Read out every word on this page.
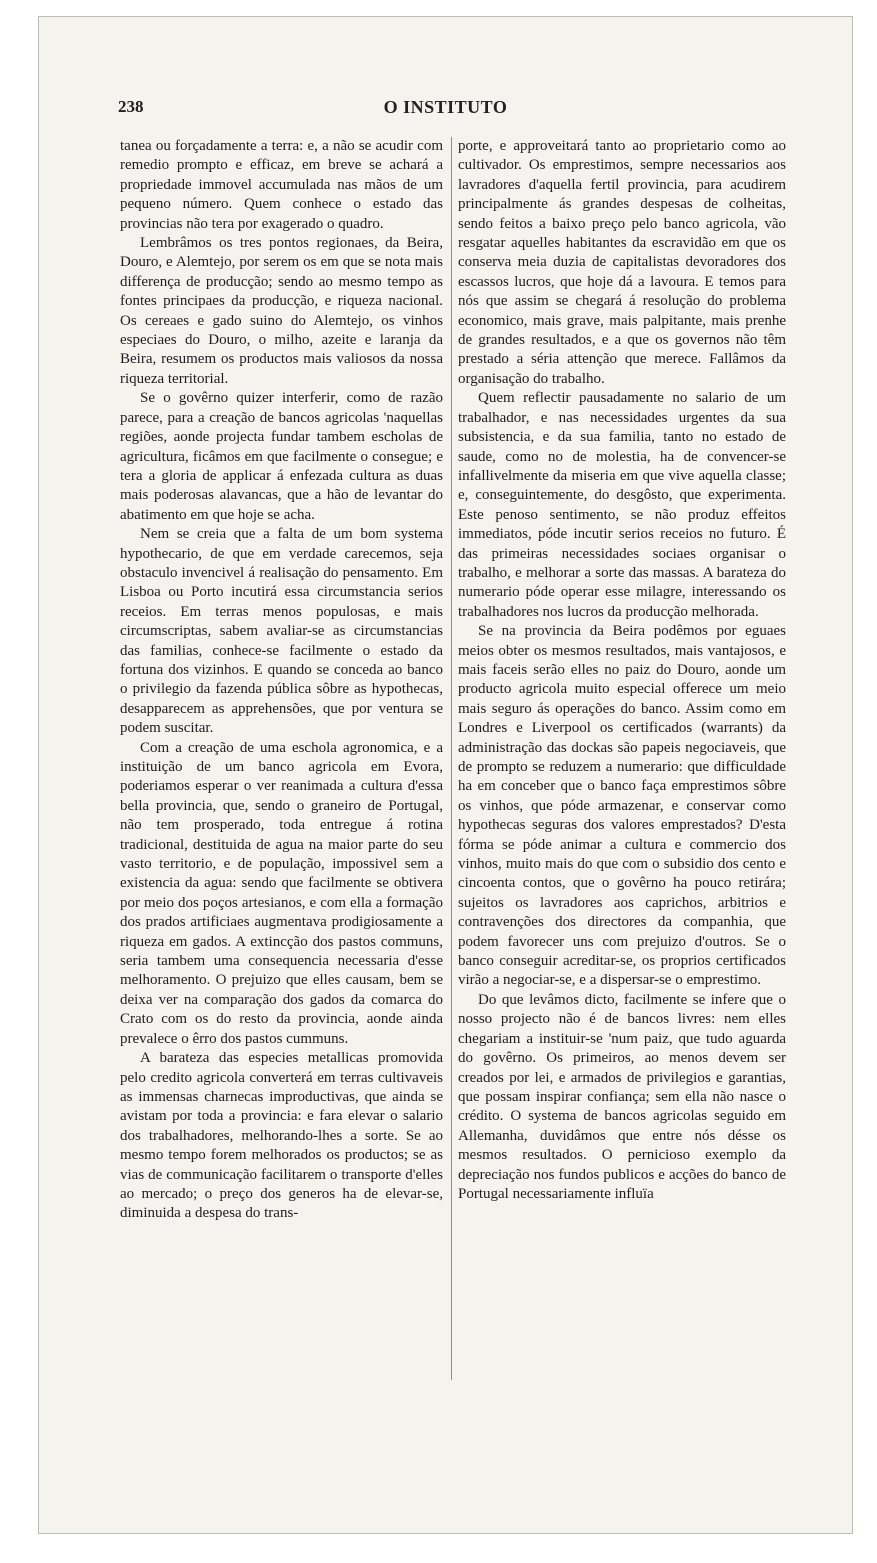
238	O INSTITUTO

tanea ou forçadamente a terra: e, a não se acudir com remedio prompto e efficaz, em breve se achará a propriedade immovel accumulada nas mãos de um pequeno número. Quem conhece o estado das provincias não tera por exagerado o quadro.

Lembrâmos os tres pontos regionaes, da Beira, Douro, e Alemtejo, por serem os em que se nota mais differença de producção; sendo ao mesmo tempo as fontes principaes da producção, e riqueza nacional. Os cereaes e gado suino do Alemtejo, os vinhos especiaes do Douro, o milho, azeite e laranja da Beira, resumem os productos mais valiosos da nossa riqueza territorial.

Se o govêrno quizer interferir, como de razão parece, para a creação de bancos agricolas 'naquellas regiões, aonde projecta fundar tambem escholas de agricultura, ficâmos em que facilmente o consegue; e tera a gloria de applicar á enfezada cultura as duas mais poderosas alavancas, que a hão de levantar do abatimento em que hoje se acha.

Nem se creia que a falta de um bom systema hypothecario, de que em verdade carecemos, seja obstaculo invencivel á realisação do pensamento. Em Lisboa ou Porto incutirá essa circumstancia serios receios. Em terras menos populosas, e mais circumscriptas, sabem avaliar-se as circumstancias das familias, conhece-se facilmente o estado da fortuna dos vizinhos. E quando se conceda ao banco o privilegio da fazenda pública sôbre as hypothecas, desapparecem as apprehensões, que por ventura se podem suscitar.

Com a creação de uma eschola agronomica, e a instituição de um banco agricola em Evora, poderiamos esperar o ver reanimada a cultura d'essa bella provincia, que, sendo o graneiro de Portugal, não tem prosperado, toda entregue á rotina tradicional, destituida de agua na maior parte do seu vasto territorio, e de população, impossivel sem a existencia da agua: sendo que facilmente se obtivera por meio dos poços artesianos, e com ella a formação dos prados artificiaes augmentava prodigiosamente a riqueza em gados. A extincção dos pastos communs, seria tambem uma consequencia necessaria d'esse melhoramento. O prejuizo que elles causam, bem se deixa ver na comparação dos gados da comarca do Crato com os do resto da provincia, aonde ainda prevalece o êrro dos pastos cummuns.

A barateza das especies metallicas promovida pelo credito agricola converterá em terras cultivaveis as immensas charnecas improductivas, que ainda se avistam por toda a provincia: e fara elevar o salario dos trabalhadores, melhorando-lhes a sorte. Se ao mesmo tempo forem melhorados os productos; se as vias de communicação facilitarem o transporte d'elles ao mercado; o preço dos generos ha de elevar-se, diminuida a despesa do trans-

porte, e approveitará tanto ao proprietario como ao cultivador. Os emprestimos, sempre necessarios aos lavradores d'aquella fertil provincia, para acudirem principalmente ás grandes despesas de colheitas, sendo feitos a baixo preço pelo banco agricola, vão resgatar aquelles habitantes da escravidão em que os conserva meia duzia de capitalistas devoradores dos escassos lucros, que hoje dá a lavoura. E temos para nós que assim se chegará á resolução do problema economico, mais grave, mais palpitante, mais prenhe de grandes resultados, e a que os governos não têm prestado a séria attenção que merece. Fallâmos da organisação do trabalho.

Quem reflectir pausadamente no salario de um trabalhador, e nas necessidades urgentes da sua subsistencia, e da sua familia, tanto no estado de saude, como no de molestia, ha de convencer-se infallivelmente da miseria em que vive aquella classe; e, conseguintemente, do desgôsto, que experimenta. Este penoso sentimento, se não produz effeitos immediatos, póde incutir serios receios no futuro. É das primeiras necessidades sociaes organisar o trabalho, e melhorar a sorte das massas. A barateza do numerario póde operar esse milagre, interessando os trabalhadores nos lucros da producção melhorada.

Se na provincia da Beira podêmos por eguaes meios obter os mesmos resultados, mais vantajosos, e mais faceis serão elles no paiz do Douro, aonde um producto agricola muito especial offerece um meio mais seguro ás operações do banco. Assim como em Londres e Liverpool os certificados (warrants) da administração das dockas são papeis negociaveis, que de prompto se reduzem a numerario: que difficuldade ha em conceber que o banco faça emprestimos sôbre os vinhos, que póde armazenar, e conservar como hypothecas seguras dos valores emprestados? D'esta fórma se póde animar a cultura e commercio dos vinhos, muito mais do que com o subsidio dos cento e cincoenta contos, que o govêrno ha pouco retirára; sujeitos os lavradores aos caprichos, arbitrios e contravenções dos directores da companhia, que podem favorecer uns com prejuizo d'outros. Se o banco conseguir acreditar-se, os proprios certificados virão a negociar-se, e a dispersar-se o emprestimo.

Do que levâmos dicto, facilmente se infere que o nosso projecto não é de bancos livres: nem elles chegariam a instituir-se 'num paiz, que tudo aguarda do govêrno. Os primeiros, ao menos devem ser creados por lei, e armados de privilegios e garantias, que possam inspirar confiança; sem ella não nasce o crédito. O systema de bancos agricolas seguido em Allemanha, duvidâmos que entre nós désse os mesmos resultados. O pernicioso exemplo da depreciação nos fundos publicos e acções do banco de Portugal necessariamente influïa
